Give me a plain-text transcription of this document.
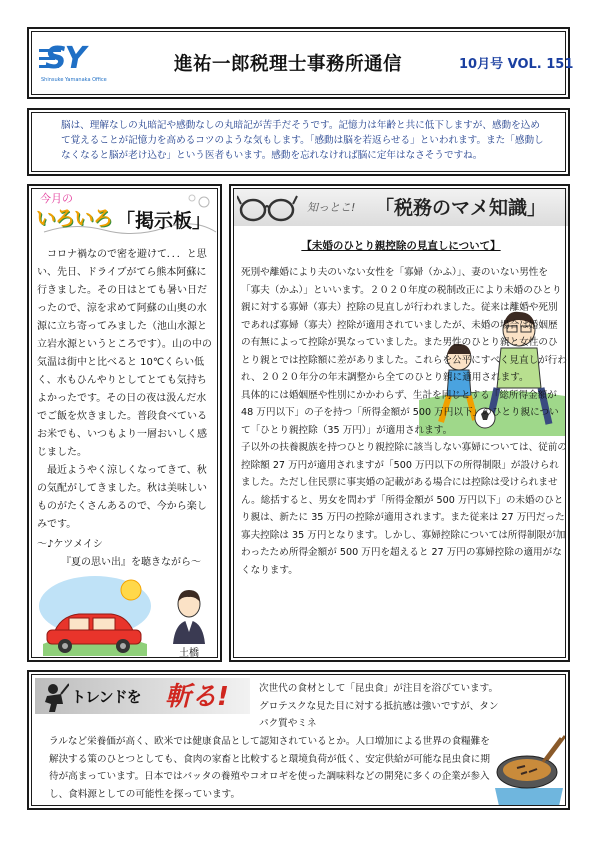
SY
Shinsuke Yamanaka Office
進祐一郎税理士事務所通信	10月号 VOL. 151
脳は、理解なしの丸暗記や感動なしの丸暗記が苦手だそうです。記憶力は年齢と共に低下しますが、感動を込めて覚えることが記憶力を高めるコツのような気もします。「感動は脳を若返らせる」といわれます。また「感動しなくなると脳が老け込む」という医者もいます。感動を忘れなければ脳に定年はなさそうですね。
今月の
いろいろ 「掲示板」

コロナ禍なので密を避けて．．．と思い、先日、ドライブがてら熊本阿蘇に行きました。その日はとても暑い日だったので、涼を求めて阿蘇の山奥の水源に立ち寄ってみました（池山水源と立岩水源というところです）。山の中の気温は街中と比べると 10℃くらい低く、水もひんやりとしてとても気持ちよかったです。その日の夜は汲んだ水でご飯を炊きました。普段食べているお米でも、いつもより一層おいしく感じました。

最近ようやく涼しくなってきて、秋の気配がしてきました。秋は美味しいものがたくさんあるので、今から楽しみです。

～♪ケツメイシ
『夏の思い出』を聴きながら～
土橋
知っとこ! 「税務のマメ知識」
【未婚のひとり親控除の見直しについて】

死別や離婚により夫のいない女性を「寡婦（かふ）」、妻のいない男性を「寡夫（かふ）」といいます。２０２０年度の税制改正により未婚のひとり親に対する寡婦（寡夫）控除の見直しが行われました。従来は離婚や死別であれば寡婦（寡夫）控除が適用されていましたが、未婚の場合は婚姻歴の有無によって控除が異なっていました。また男性のひとり親と女性のひとり親とでは控除額に差がありました。これらを公平にすべく見直しが行われ、２０２０年分の年末調整から全てのひとり親に適用されます。

具体的には婚姻歴や性別にかかわらず、生計を同じとする「総所得金額が 48 万円以下」の子を持つ「所得金額が 500 万円以下」のひとり親について「ひとり親控除（35 万円）」が適用されます。

子以外の扶養親族を持つひとり親控除に該当しない寡婦については、従前の控除額 27 万円が適用されますが「500 万円以下の所得制限」が設けられました。ただし住民票に事実婚の記載がある場合には控除は受けられません。総括すると、男女を問わず「所得金額が 500 万円以下」の未婚のひとり親は、新たに 35 万円の控除が適用されます。また従来は 27 万円だった寡夫控除は 35 万円となります。しかし、寡婦控除については所得制限が加わったため所得金額が 500 万円を超えると 27 万円の寡婦控除の適用がなくなります。

トレンドを 斬る!	次世代の食材として「昆虫食」が注目を浴びています。グロテスクな見た目に対する抵抗感は強いですが、タンパク質やミネ
ラルなど栄養価が高く、欧米では健康食品として認知されているとか。人口増加による世界の食糧難を解決する策のひとつとしても、食肉の家畜と比較すると環境負荷が低く、安定供給が可能な昆虫食に期待が高まっています。日本ではバッタの養殖やコオロギを使った調味料などの開発に多くの企業が参入し、食料源としての可能性を探っています。
